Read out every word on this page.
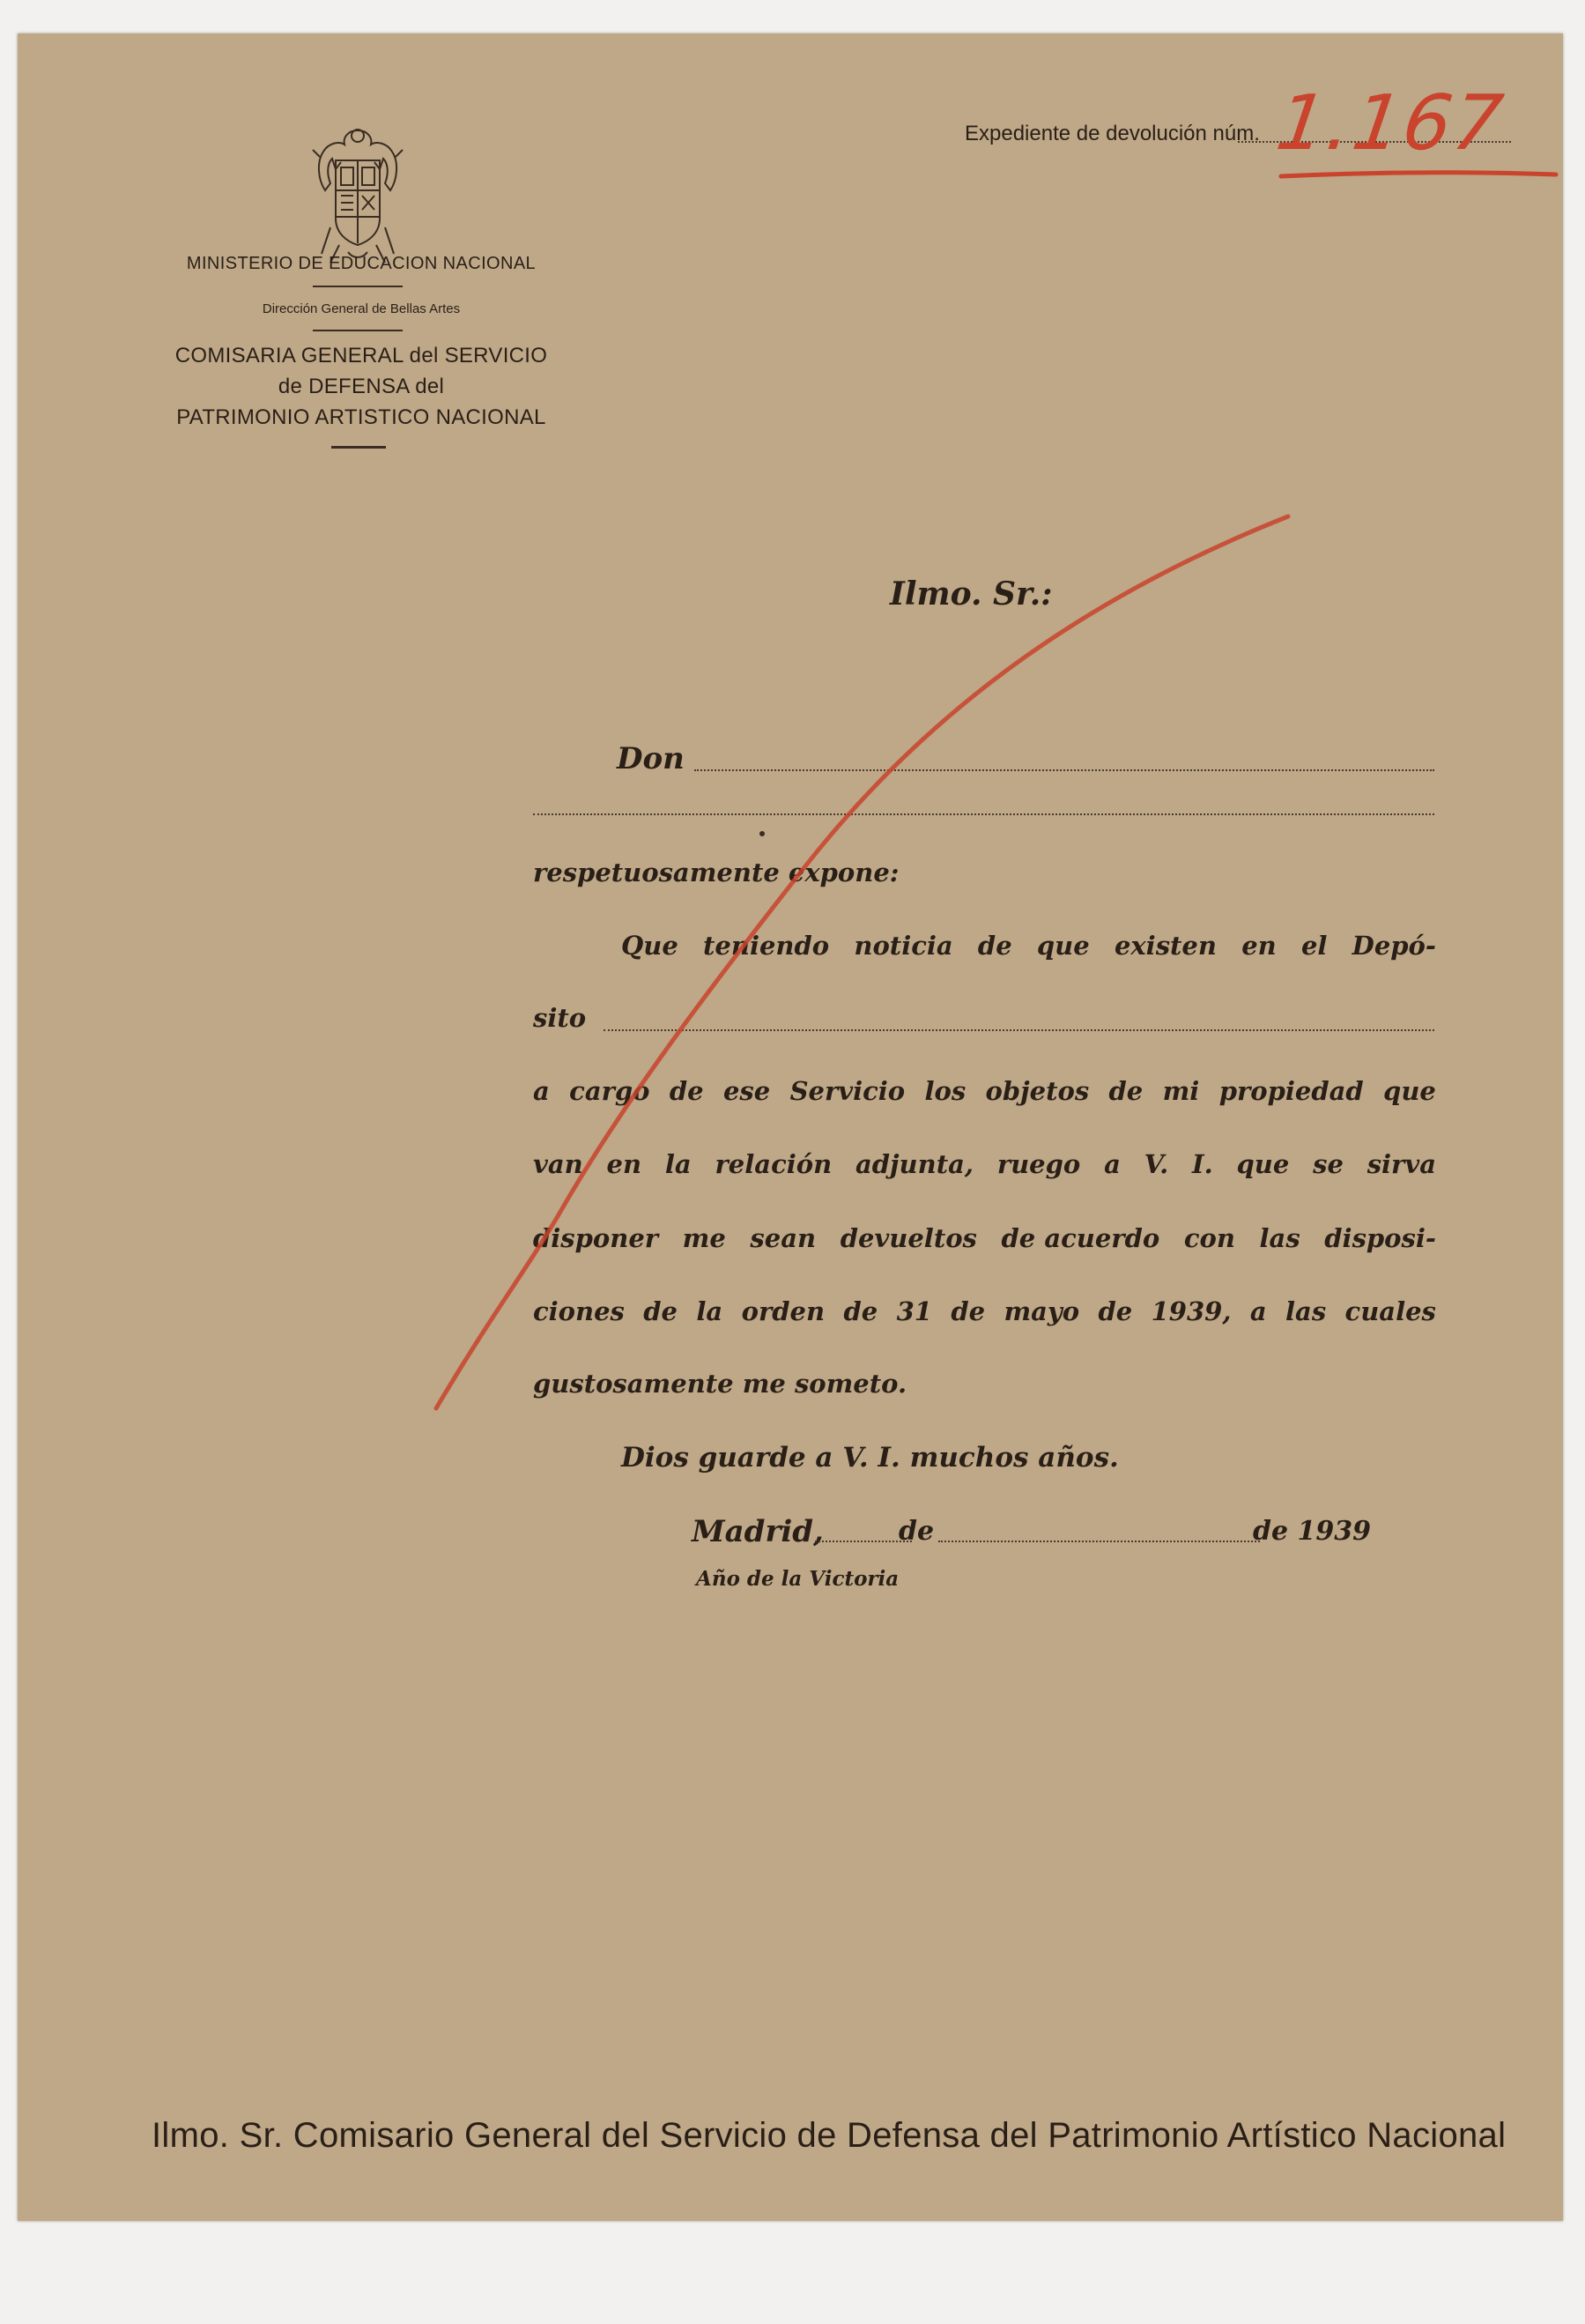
MINISTERIO DE EDUCACION NACIONAL
Dirección General de Bellas Artes
COMISARIA GENERAL del SERVICIO
de DEFENSA del
PATRIMONIO ARTISTICO NACIONAL
Expediente de devolución núm. 1.167
Ilmo. Sr.:
Don
respetuosamente expone:
Que teniendo noticia de que existen en el Depó-
sito
a cargo de ese Servicio los objetos de mi propiedad que
van en la relación adjunta, ruego a V. I. que se sirva
disponer me sean devueltos de acuerdo con las disposi-
ciones de la orden de 31 de mayo de 1939, a las cuales
gustosamente me someto.
Dios guarde a V. I. muchos años.
Madrid,	de	de 1939
Año de la Victoria
Ilmo. Sr. Comisario General del Servicio de Defensa del Patrimonio Artístico Nacional
